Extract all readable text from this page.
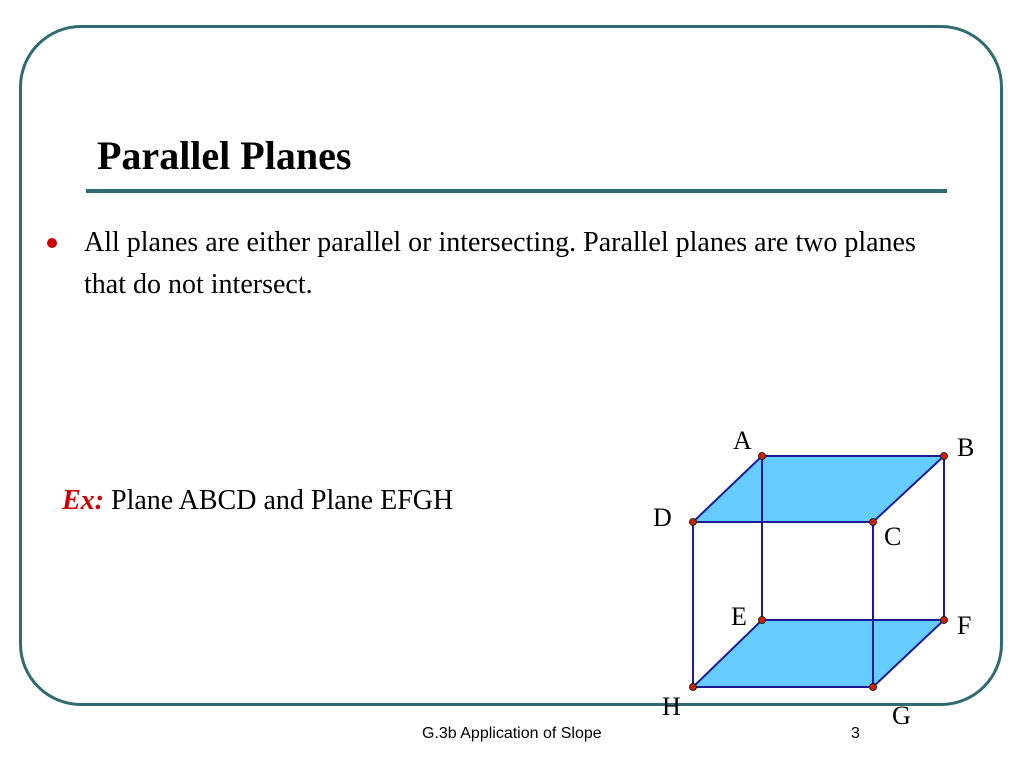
Parallel Planes
All planes are either parallel or intersecting. Parallel planes are two planes that do not intersect.
Ex: Plane ABCD and Plane EFGH
A	B
C
D
E	F
G
H
G.3b Application of Slope	3
